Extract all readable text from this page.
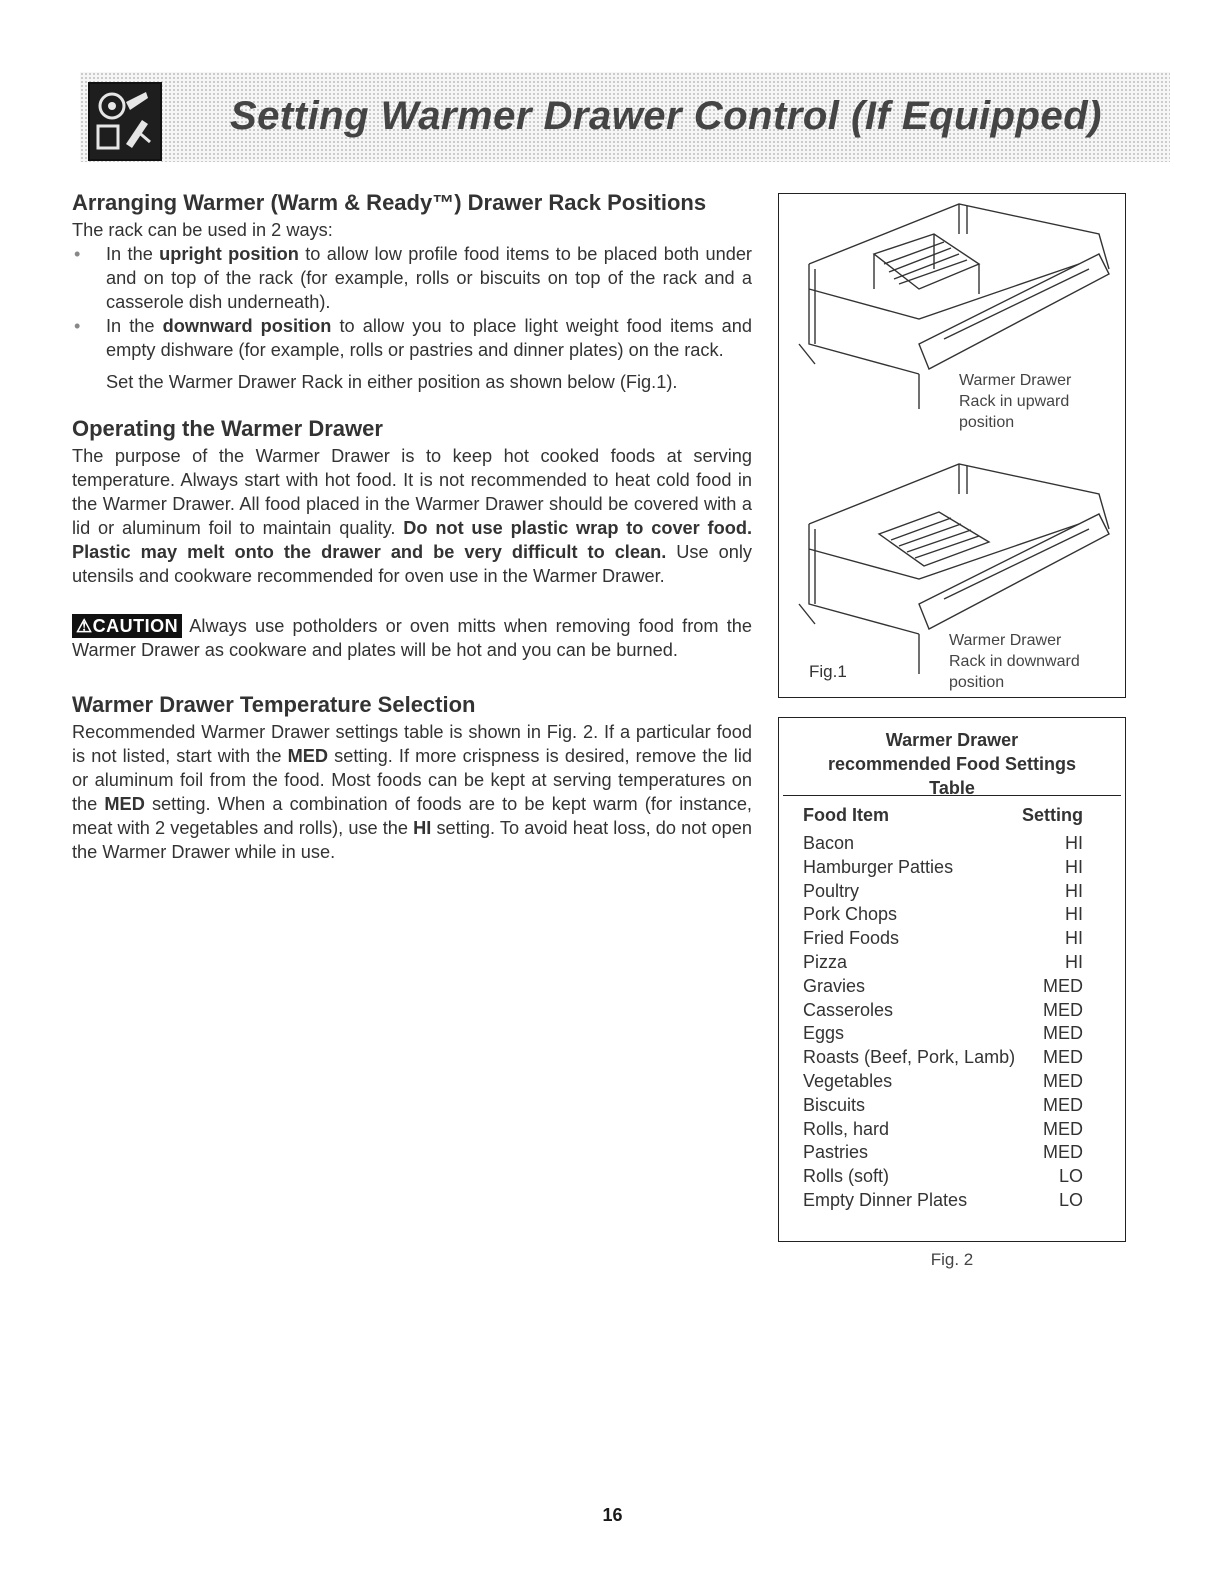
Setting Warmer Drawer Control (If Equipped)
Arranging Warmer (Warm & Ready™) Drawer Rack Positions

The rack can be used in 2 ways:

• In the upright position to allow low profile food items to be placed both under and on top of the rack (for example, rolls or biscuits on top of the rack and a casserole dish underneath).
• In the downward position to allow you to place light weight food items and empty dishware (for example, rolls or pastries and dinner plates) on the rack.

Set the Warmer Drawer Rack in either position as shown below (Fig.1).

Operating the Warmer Drawer

The purpose of the Warmer Drawer is to keep hot cooked foods at serving temperature. Always start with hot food. It is not recommended to heat cold food in the Warmer Drawer. All food placed in the Warmer Drawer should be covered with a lid or aluminum foil to maintain quality. Do not use plastic wrap to cover food. Plastic may melt onto the drawer and be very difficult to clean. Use only utensils and cookware recommended for oven use in the Warmer Drawer.

⚠CAUTION Always use potholders or oven mitts when removing food from the Warmer Drawer as cookware and plates will be hot and you can be burned.

Warmer Drawer Temperature Selection

Recommended Warmer Drawer settings table is shown in Fig. 2. If a particular food is not listed, start with the MED setting. If more crispness is desired, remove the lid or aluminum foil from the food. Most foods can be kept at serving temperatures on the MED setting. When a combination of foods are to be kept warm (for instance, meat with 2 vegetables and rolls), use the HI setting. To avoid heat loss, do not open the Warmer Drawer while in use.

Warmer Drawer
Rack in upward
position
Warmer Drawer
Rack in downward
position
Fig.1
Warmer Drawer
recommended Food Settings
Table
Food Item	Setting
Bacon	HI
Hamburger Patties	HI
Poultry	HI
Pork Chops	HI
Fried Foods	HI
Pizza	HI
Gravies	MED
Casseroles	MED
Eggs	MED
Roasts (Beef, Pork, Lamb) MED
Vegetables	MED
Biscuits	MED
Rolls, hard	MED
Pastries	MED
Rolls (soft)	LO
Empty Dinner Plates	LO
Fig. 2
16
